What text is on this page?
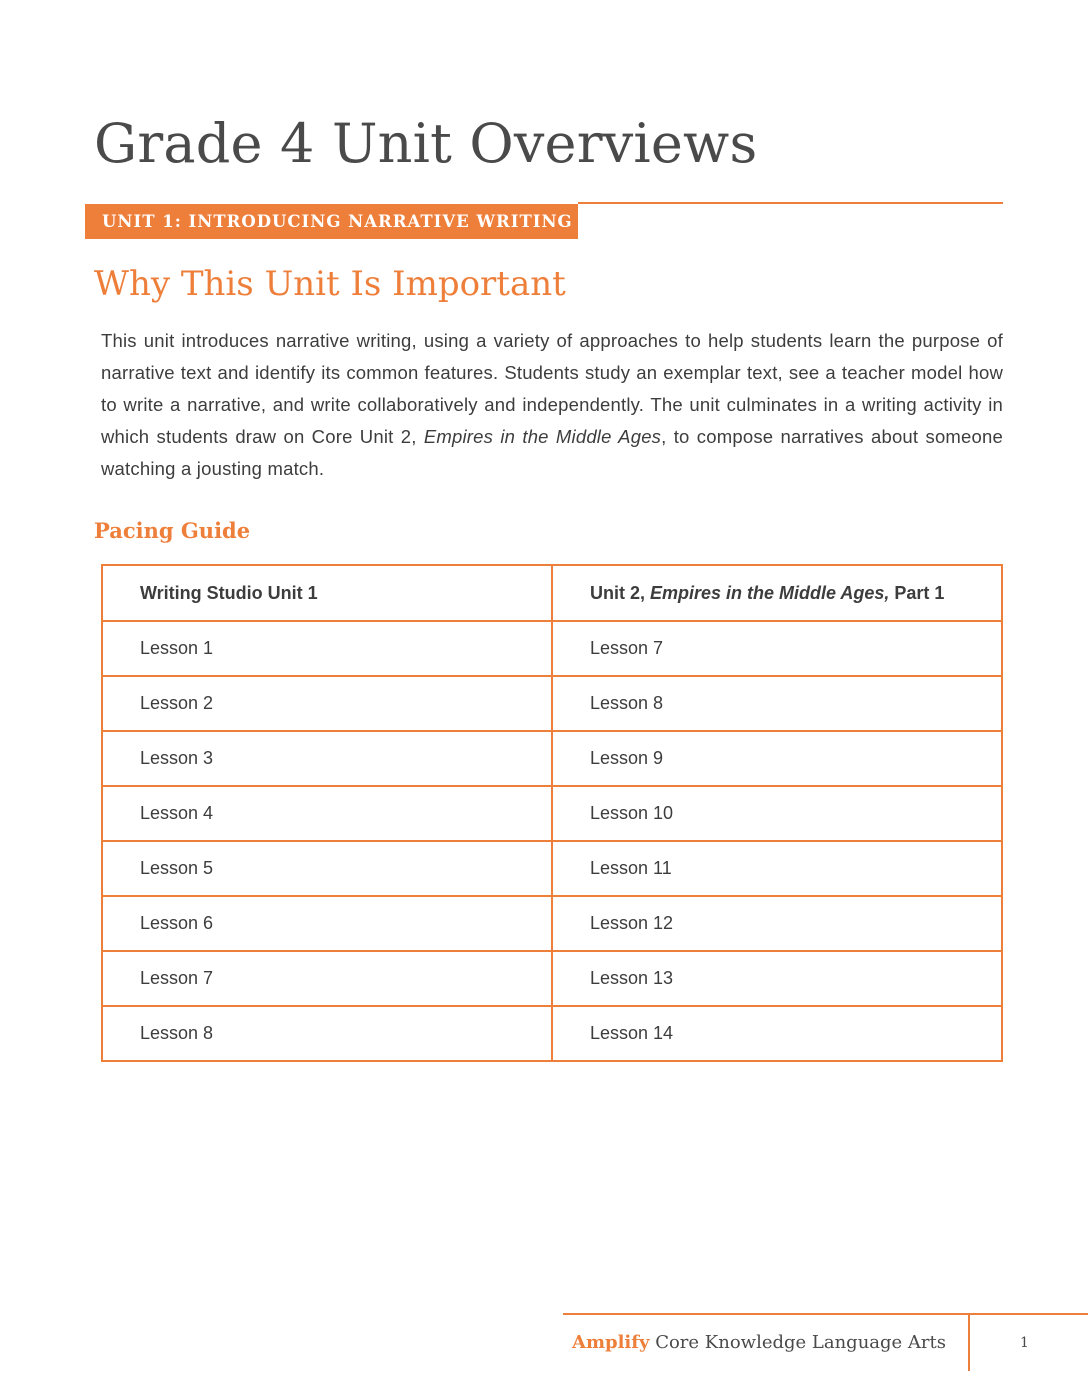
Grade 4 Unit Overviews
UNIT 1: INTRODUCING NARRATIVE WRITING
Why This Unit Is Important

This unit introduces narrative writing, using a variety of approaches to help students learn the purpose of narrative text and identify its common features. Students study an exemplar text, see a teacher model how to write a narrative, and write collaboratively and independently. The unit culminates in a writing activity in which students draw on Core Unit 2, Empires in the Middle Ages, to compose narratives about someone watching a jousting match.

Pacing Guide
Writing Studio Unit 1	Unit 2, Empires in the Middle Ages, Part 1
Lesson 1	Lesson 7
Lesson 2	Lesson 8
Lesson 3	Lesson 9
Lesson 4	Lesson 10
Lesson 5	Lesson 11
Lesson 6	Lesson 12
Lesson 7	Lesson 13
Lesson 8	Lesson 14
Amplify Core Knowledge Language Arts	1
